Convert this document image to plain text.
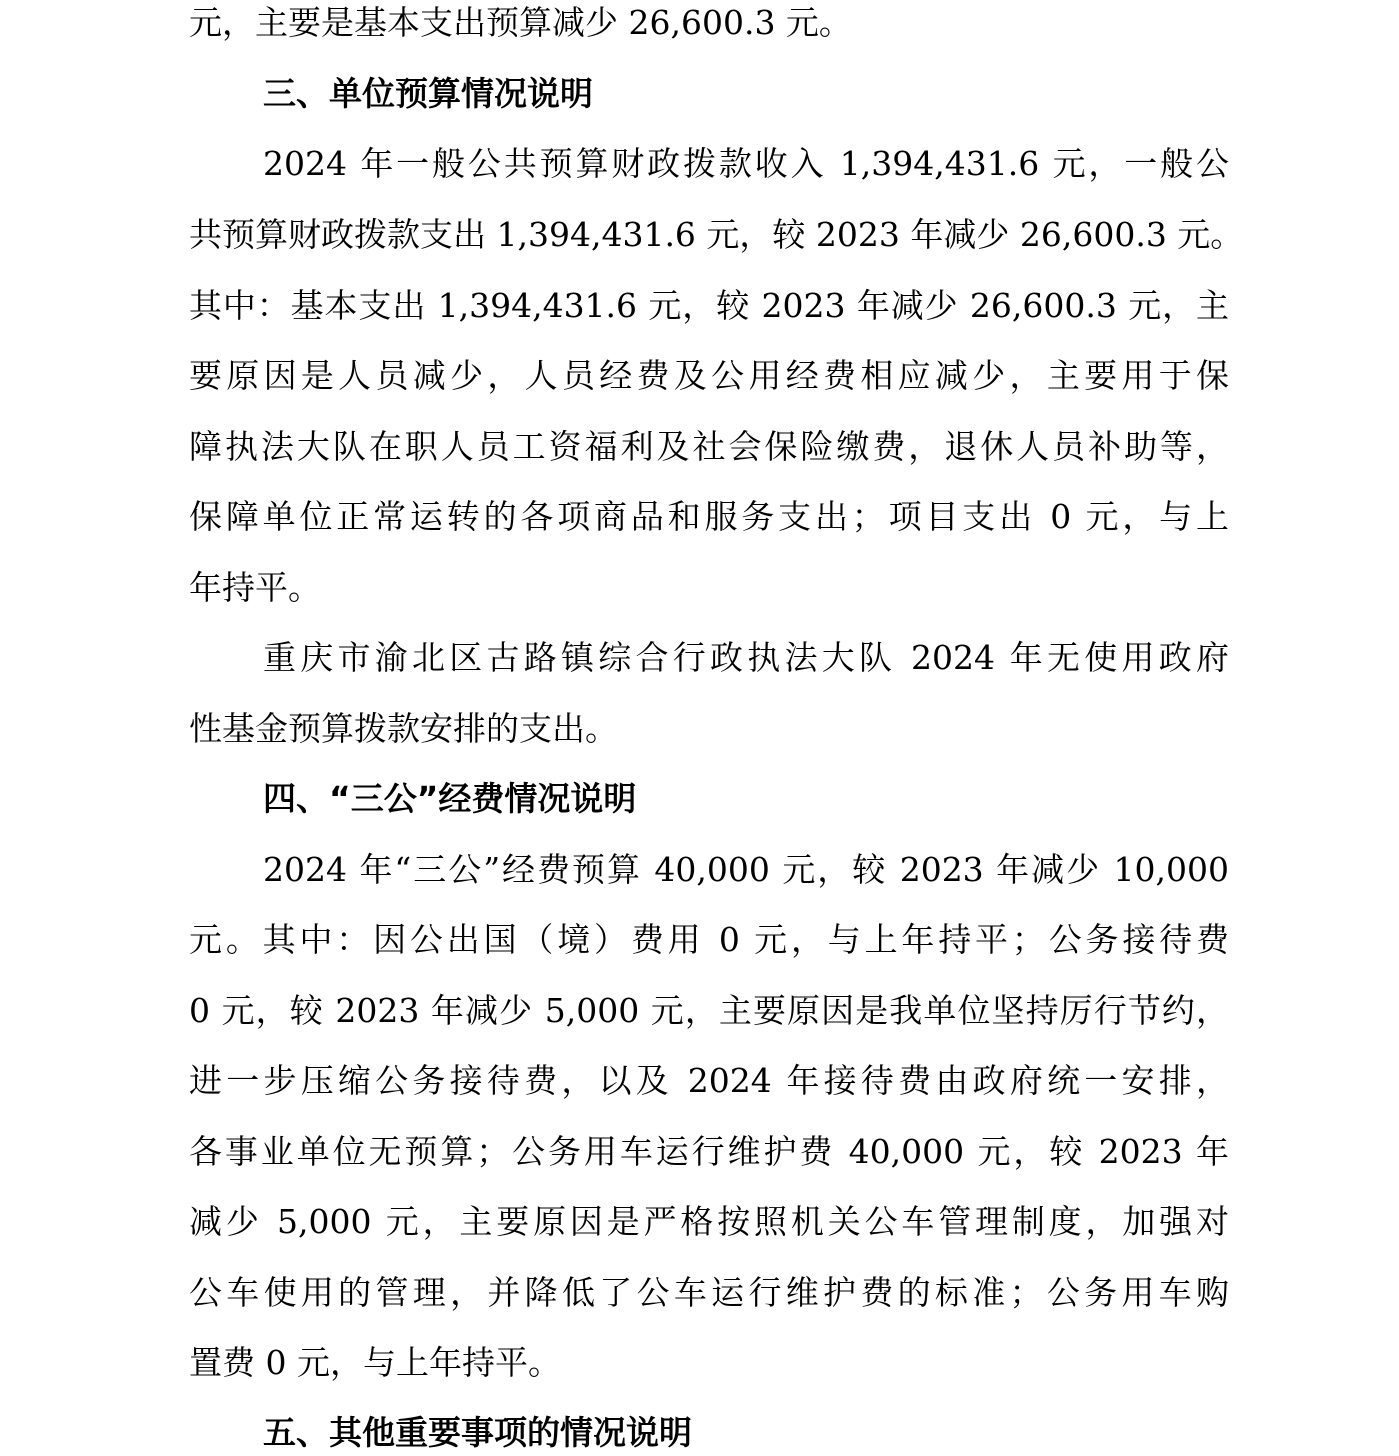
元，主要是基本支出预算减少 26,600.3 元。
三、单位预算情况说明
2024 年一般公共预算财政拨款收入 1,394,431.6 元，一般公
共预算财政拨款支出 1,394,431.6 元，较 2023 年减少 26,600.3 元。
其中：基本支出 1,394,431.6 元，较 2023 年减少 26,600.3 元，主
要原因是人员减少，人员经费及公用经费相应减少，主要用于保
障执法大队在职人员工资福利及社会保险缴费，退休人员补助等，
保障单位正常运转的各项商品和服务支出；项目支出 0 元，与上
年持平。
重庆市渝北区古路镇综合行政执法大队 2024 年无使用政府
性基金预算拨款安排的支出。
四、“三公”经费情况说明
2024 年“三公”经费预算 40,000 元，较 2023 年减少 10,000
元。其中：因公出国（境）费用 0 元，与上年持平；公务接待费
0 元，较 2023 年减少 5,000 元，主要原因是我单位坚持厉行节约，
进一步压缩公务接待费，以及 2024 年接待费由政府统一安排，
各事业单位无预算；公务用车运行维护费 40,000 元，较 2023 年
减少 5,000 元，主要原因是严格按照机关公车管理制度，加强对
公车使用的管理，并降低了公车运行维护费的标准；公务用车购
置费 0 元，与上年持平。
五、其他重要事项的情况说明
